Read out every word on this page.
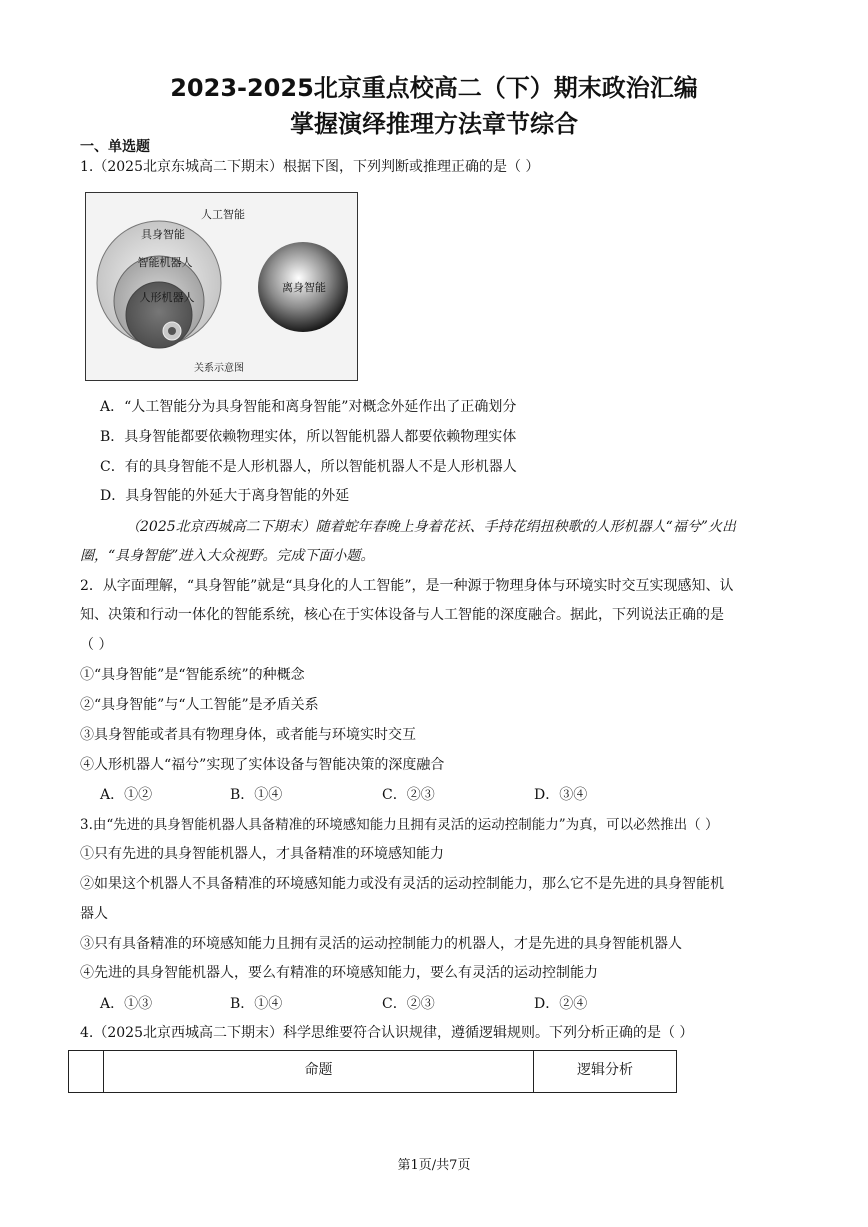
2023-2025北京重点校高二（下）期末政治汇编
掌握演绎推理方法章节综合
一、单选题
1.（2025北京东城高二下期末）根据下图，下列判断或推理正确的是（ ）
人工智能
具身智能
智能机器人
人形机器人
离身智能
关系示意图
A．“人工智能分为具身智能和离身智能”对概念外延作出了正确划分
B．具身智能都要依赖物理实体，所以智能机器人都要依赖物理实体
C．有的具身智能不是人形机器人，所以智能机器人不是人形机器人
D．具身智能的外延大于离身智能的外延
（2025北京西城高二下期末）随着蛇年春晚上身着花袄、手持花绢扭秧歌的人形机器人“福兮”火出
圈，“具身智能”进入大众视野。完成下面小题。
2．从字面理解，“具身智能”就是“具身化的人工智能”，是一种源于物理身体与环境实时交互实现感知、认
知、决策和行动一体化的智能系统，核心在于实体设备与人工智能的深度融合。据此，下列说法正确的是
（ ）
①“具身智能”是“智能系统”的种概念
②“具身智能”与“人工智能”是矛盾关系
③具身智能或者具有物理身体，或者能与环境实时交互
④人形机器人“福兮”实现了实体设备与智能决策的深度融合
A．①②	B．①④	C．②③	D．③④
3.由“先进的具身智能机器人具备精准的环境感知能力且拥有灵活的运动控制能力”为真，可以必然推出（ ）
①只有先进的具身智能机器人，才具备精准的环境感知能力
②如果这个机器人不具备精准的环境感知能力或没有灵活的运动控制能力，那么它不是先进的具身智能机
器人
③只有具备精准的环境感知能力且拥有灵活的运动控制能力的机器人，才是先进的具身智能机器人
④先进的具身智能机器人，要么有精准的环境感知能力，要么有灵活的运动控制能力
A．①③	B．①④	C．②③	D．②④
4.（2025北京西城高二下期末）科学思维要符合认识规律，遵循逻辑规则。下列分析正确的是（ ）
	命题	逻辑分析
第1页/共7页
